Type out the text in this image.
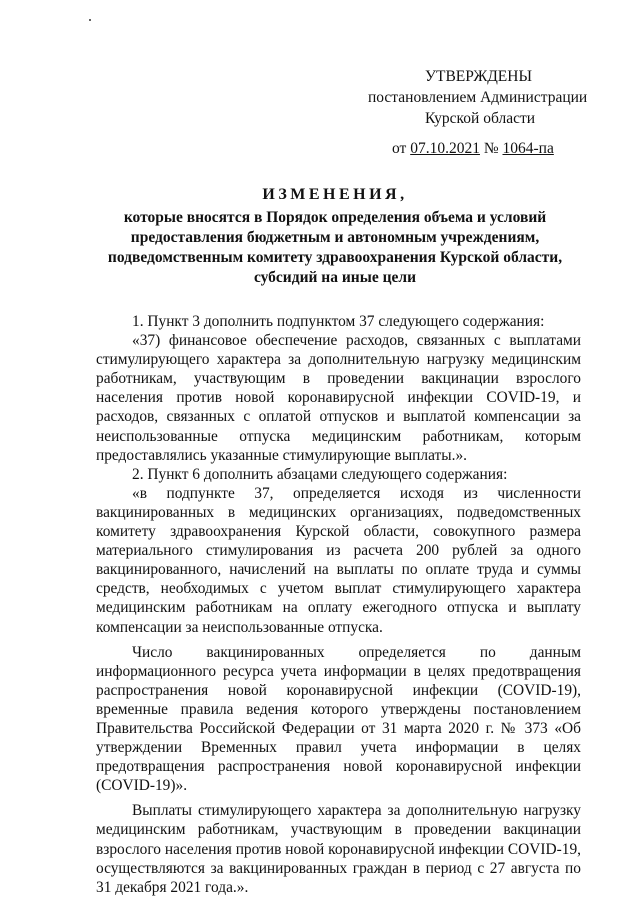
УТВЕРЖДЕНЫ
постановлением Администрации
Курской области
от 07.10.2021 № 1064-па
ИЗМЕНЕНИЯ,
которые вносятся в Порядок определения объема и условий
предоставления бюджетным и автономным учреждениям,
подведомственным комитету здравоохранения Курской области,
субсидий на иные цели

1. Пункт 3 дополнить подпунктом 37 следующего содержания:

«37) финансовое обеспечение расходов, связанных с выплатами стимулирующего характера за дополнительную нагрузку медицинским работникам, участвующим в проведении вакцинации взрослого населения против новой коронавирусной инфекции COVID-19, и расходов, связанных с оплатой отпусков и выплатой компенсации за неиспользованные отпуска медицинским работникам, которым предоставлялись указанные стимулирующие выплаты.».

2. Пункт 6 дополнить абзацами следующего содержания:

«в подпункте 37, определяется исходя из численности вакцинированных в медицинских организациях, подведомственных комитету здравоохранения Курской области, совокупного размера материального стимулирования из расчета 200 рублей за одного вакцинированного, начислений на выплаты по оплате труда и суммы средств, необходимых с учетом выплат стимулирующего характера медицинским работникам на оплату ежегодного отпуска и выплату компенсации за неиспользованные отпуска.

Число вакцинированных определяется по данным информационного ресурса учета информации в целях предотвращения распространения новой коронавирусной инфекции (COVID-19), временные правила ведения которого утверждены постановлением Правительства Российской Федерации от 31 марта 2020 г. № 373 «Об утверждении Временных правил учета информации в целях предотвращения распространения новой коронавирусной инфекции (COVID-19)».

Выплаты стимулирующего характера за дополнительную нагрузку медицинским работникам, участвующим в проведении вакцинации взрослого населения против новой коронавирусной инфекции COVID-19, осуществляются за вакцинированных граждан в период с 27 августа по 31 декабря 2021 года.».
